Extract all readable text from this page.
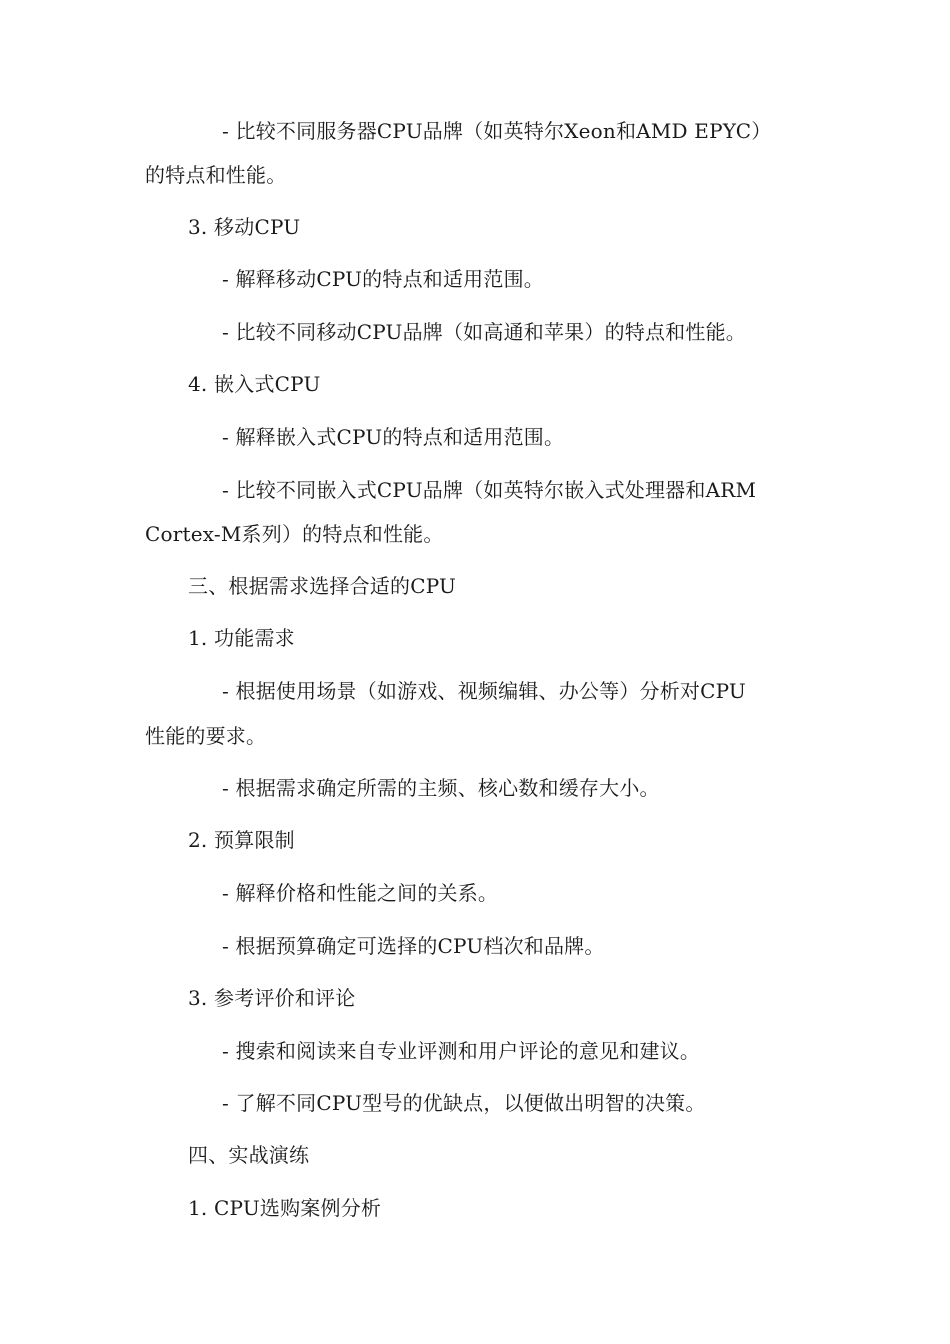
- 比较不同服务器CPU品牌（如英特尔Xeon和AMD EPYC）
的特点和性能。
3. 移动CPU
- 解释移动CPU的特点和适用范围。
- 比较不同移动CPU品牌（如高通和苹果）的特点和性能。
4. 嵌入式CPU
- 解释嵌入式CPU的特点和适用范围。
- 比较不同嵌入式CPU品牌（如英特尔嵌入式处理器和ARM
Cortex-M系列）的特点和性能。
三、根据需求选择合适的CPU
1. 功能需求
- 根据使用场景（如游戏、视频编辑、办公等）分析对CPU
性能的要求。
- 根据需求确定所需的主频、核心数和缓存大小。
2. 预算限制
- 解释价格和性能之间的关系。
- 根据预算确定可选择的CPU档次和品牌。
3. 参考评价和评论
- 搜索和阅读来自专业评测和用户评论的意见和建议。
- 了解不同CPU型号的优缺点，以便做出明智的决策。
四、实战演练
1. CPU选购案例分析
